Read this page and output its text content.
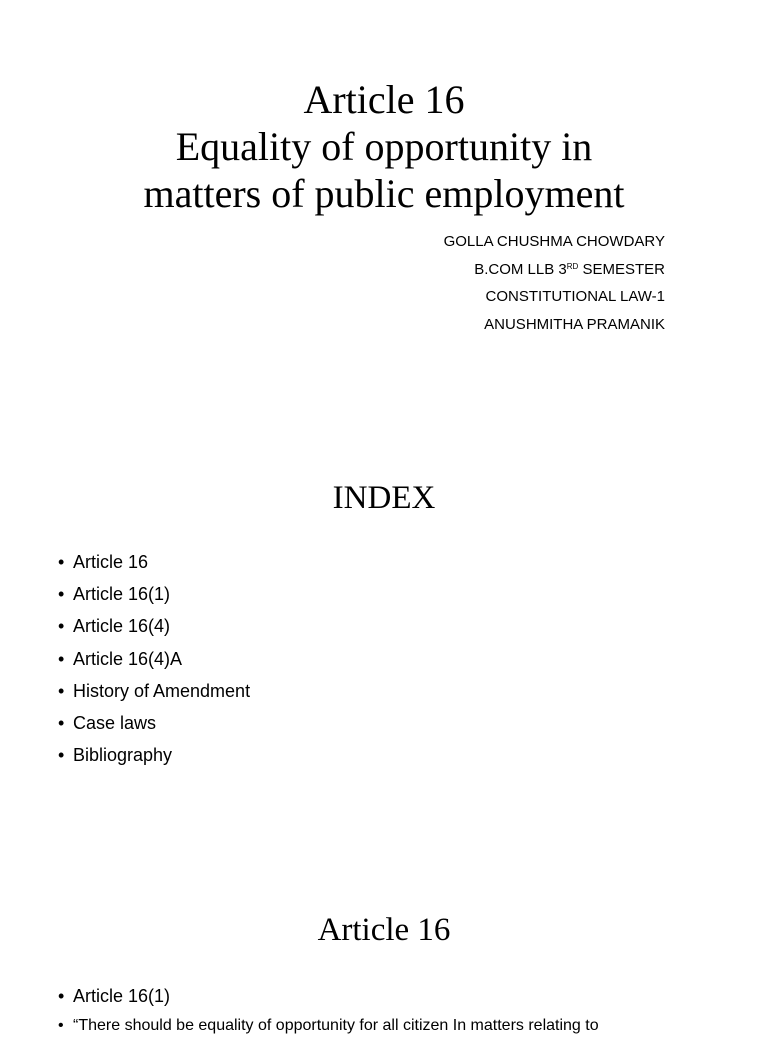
Article 16
Equality of opportunity in
matters of public employment
GOLLA CHUSHMA CHOWDARY
B.COM LLB 3RD SEMESTER
CONSTITUTIONAL LAW-1
ANUSHMITHA PRAMANIK
INDEX
• Article 16
• Article 16(1)
• Article 16(4)
• Article 16(4)A
• History of Amendment
• Case laws
• Bibliography
Article 16
• Article 16(1)
• “There should be equality of opportunity for all citizen In matters relating to
